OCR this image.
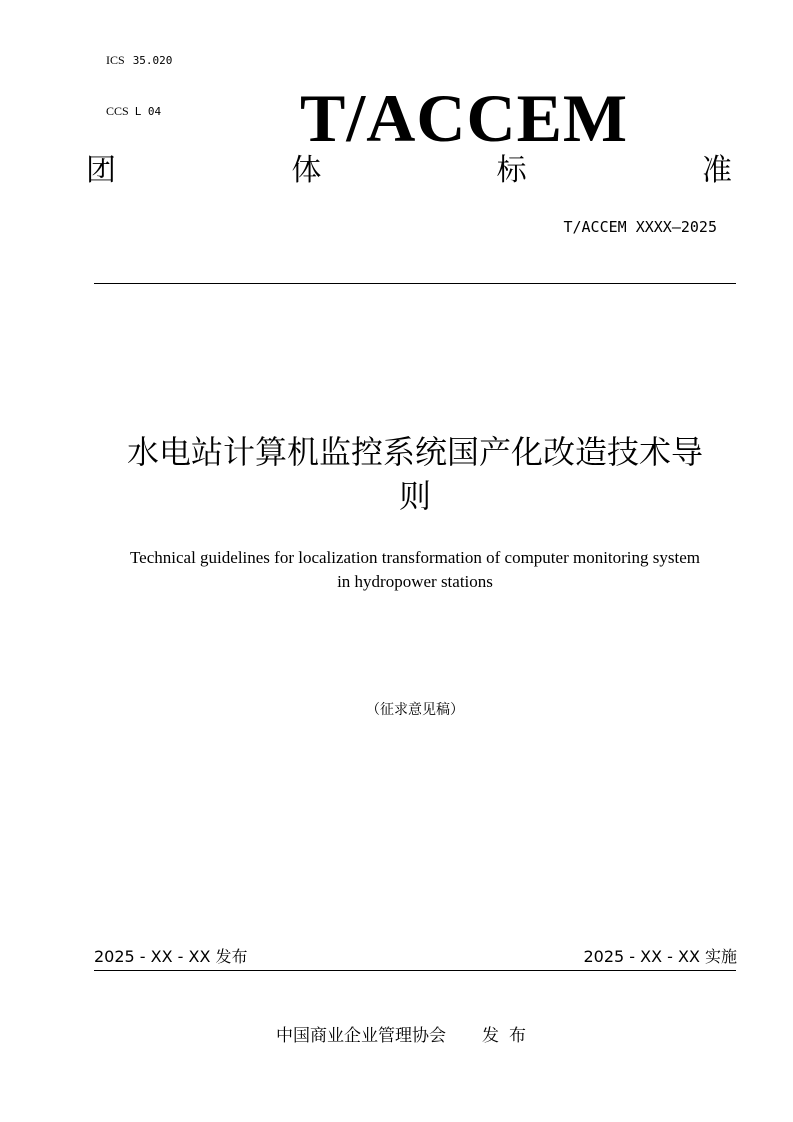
ICS 35.020

CCS L 04
T/ACCEM
团	体	标	准
T/ACCEM XXXX—2025
水电站计算机监控系统国产化改造技术导
则
Technical guidelines for localization transformation of computer monitoring system
in hydropower stations
（征求意见稿）
2025 - XX - XX 发布	2025 - XX - XX 实施
中国商业企业管理协会 发布
